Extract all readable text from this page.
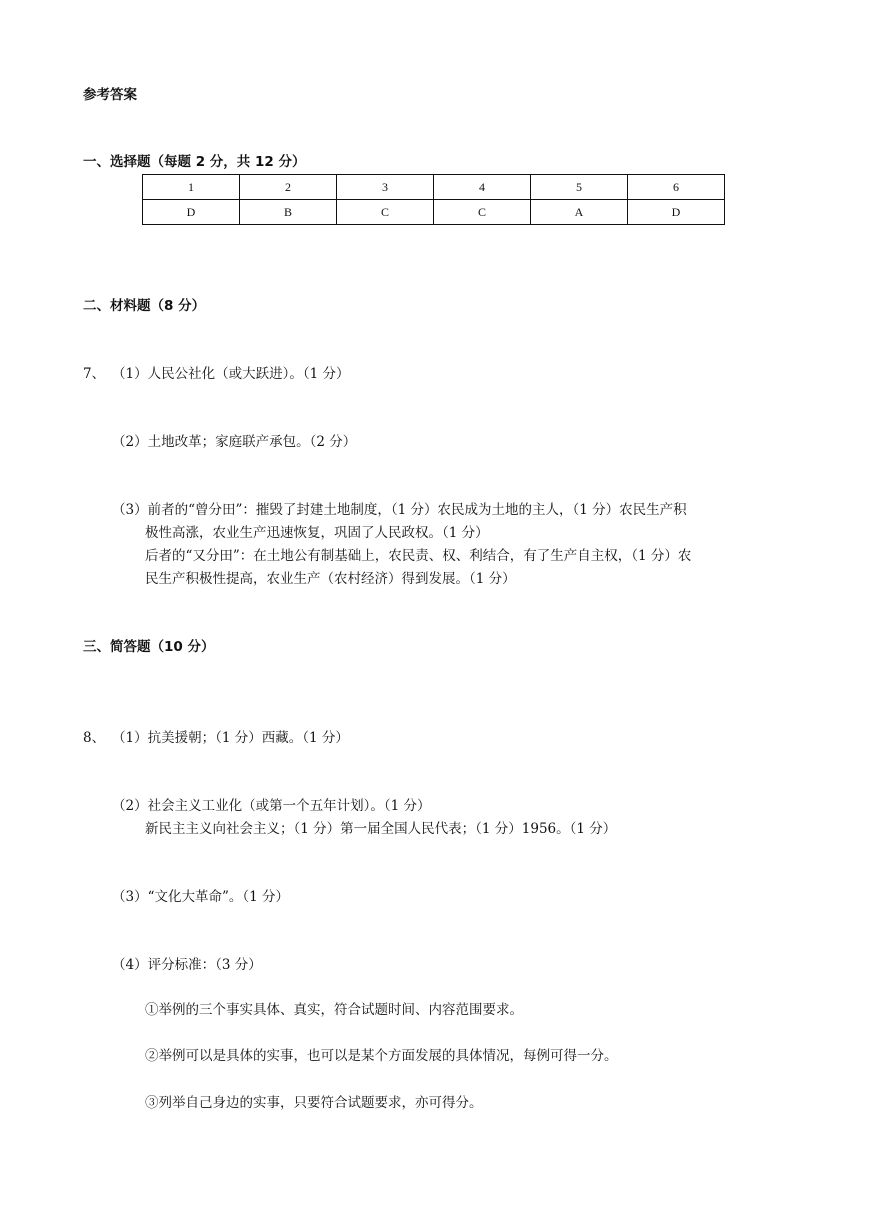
参考答案
一、选择题（每题 2 分，共 12 分）
1	2	3	4	5	6
D	B	C	C	A	D
二、材料题（8 分）
7、 （1）人民公社化（或大跃进）。（1 分）
（2）土地改革；家庭联产承包。（2 分）
（3）前者的“曾分田”：摧毁了封建土地制度，（1 分）农民成为土地的主人，（1 分）农民生产积
极性高涨，农业生产迅速恢复，巩固了人民政权。（1 分）
后者的“又分田”：在土地公有制基础上，农民责、权、利结合，有了生产自主权，（1 分）农
民生产积极性提高，农业生产（农村经济）得到发展。（1 分）
三、简答题（10 分）
8、 （1）抗美援朝；（1 分）西藏。（1 分）
（2）社会主义工业化（或第一个五年计划）。（1 分）
新民主主义向社会主义；（1 分）第一届全国人民代表；（1 分）1956。（1 分）
（3）“文化大革命”。（1 分）
（4）评分标准：（3 分）
①举例的三个事实具体、真实，符合试题时间、内容范围要求。
②举例可以是具体的实事，也可以是某个方面发展的具体情况，每例可得一分。
③列举自己身边的实事，只要符合试题要求，亦可得分。
